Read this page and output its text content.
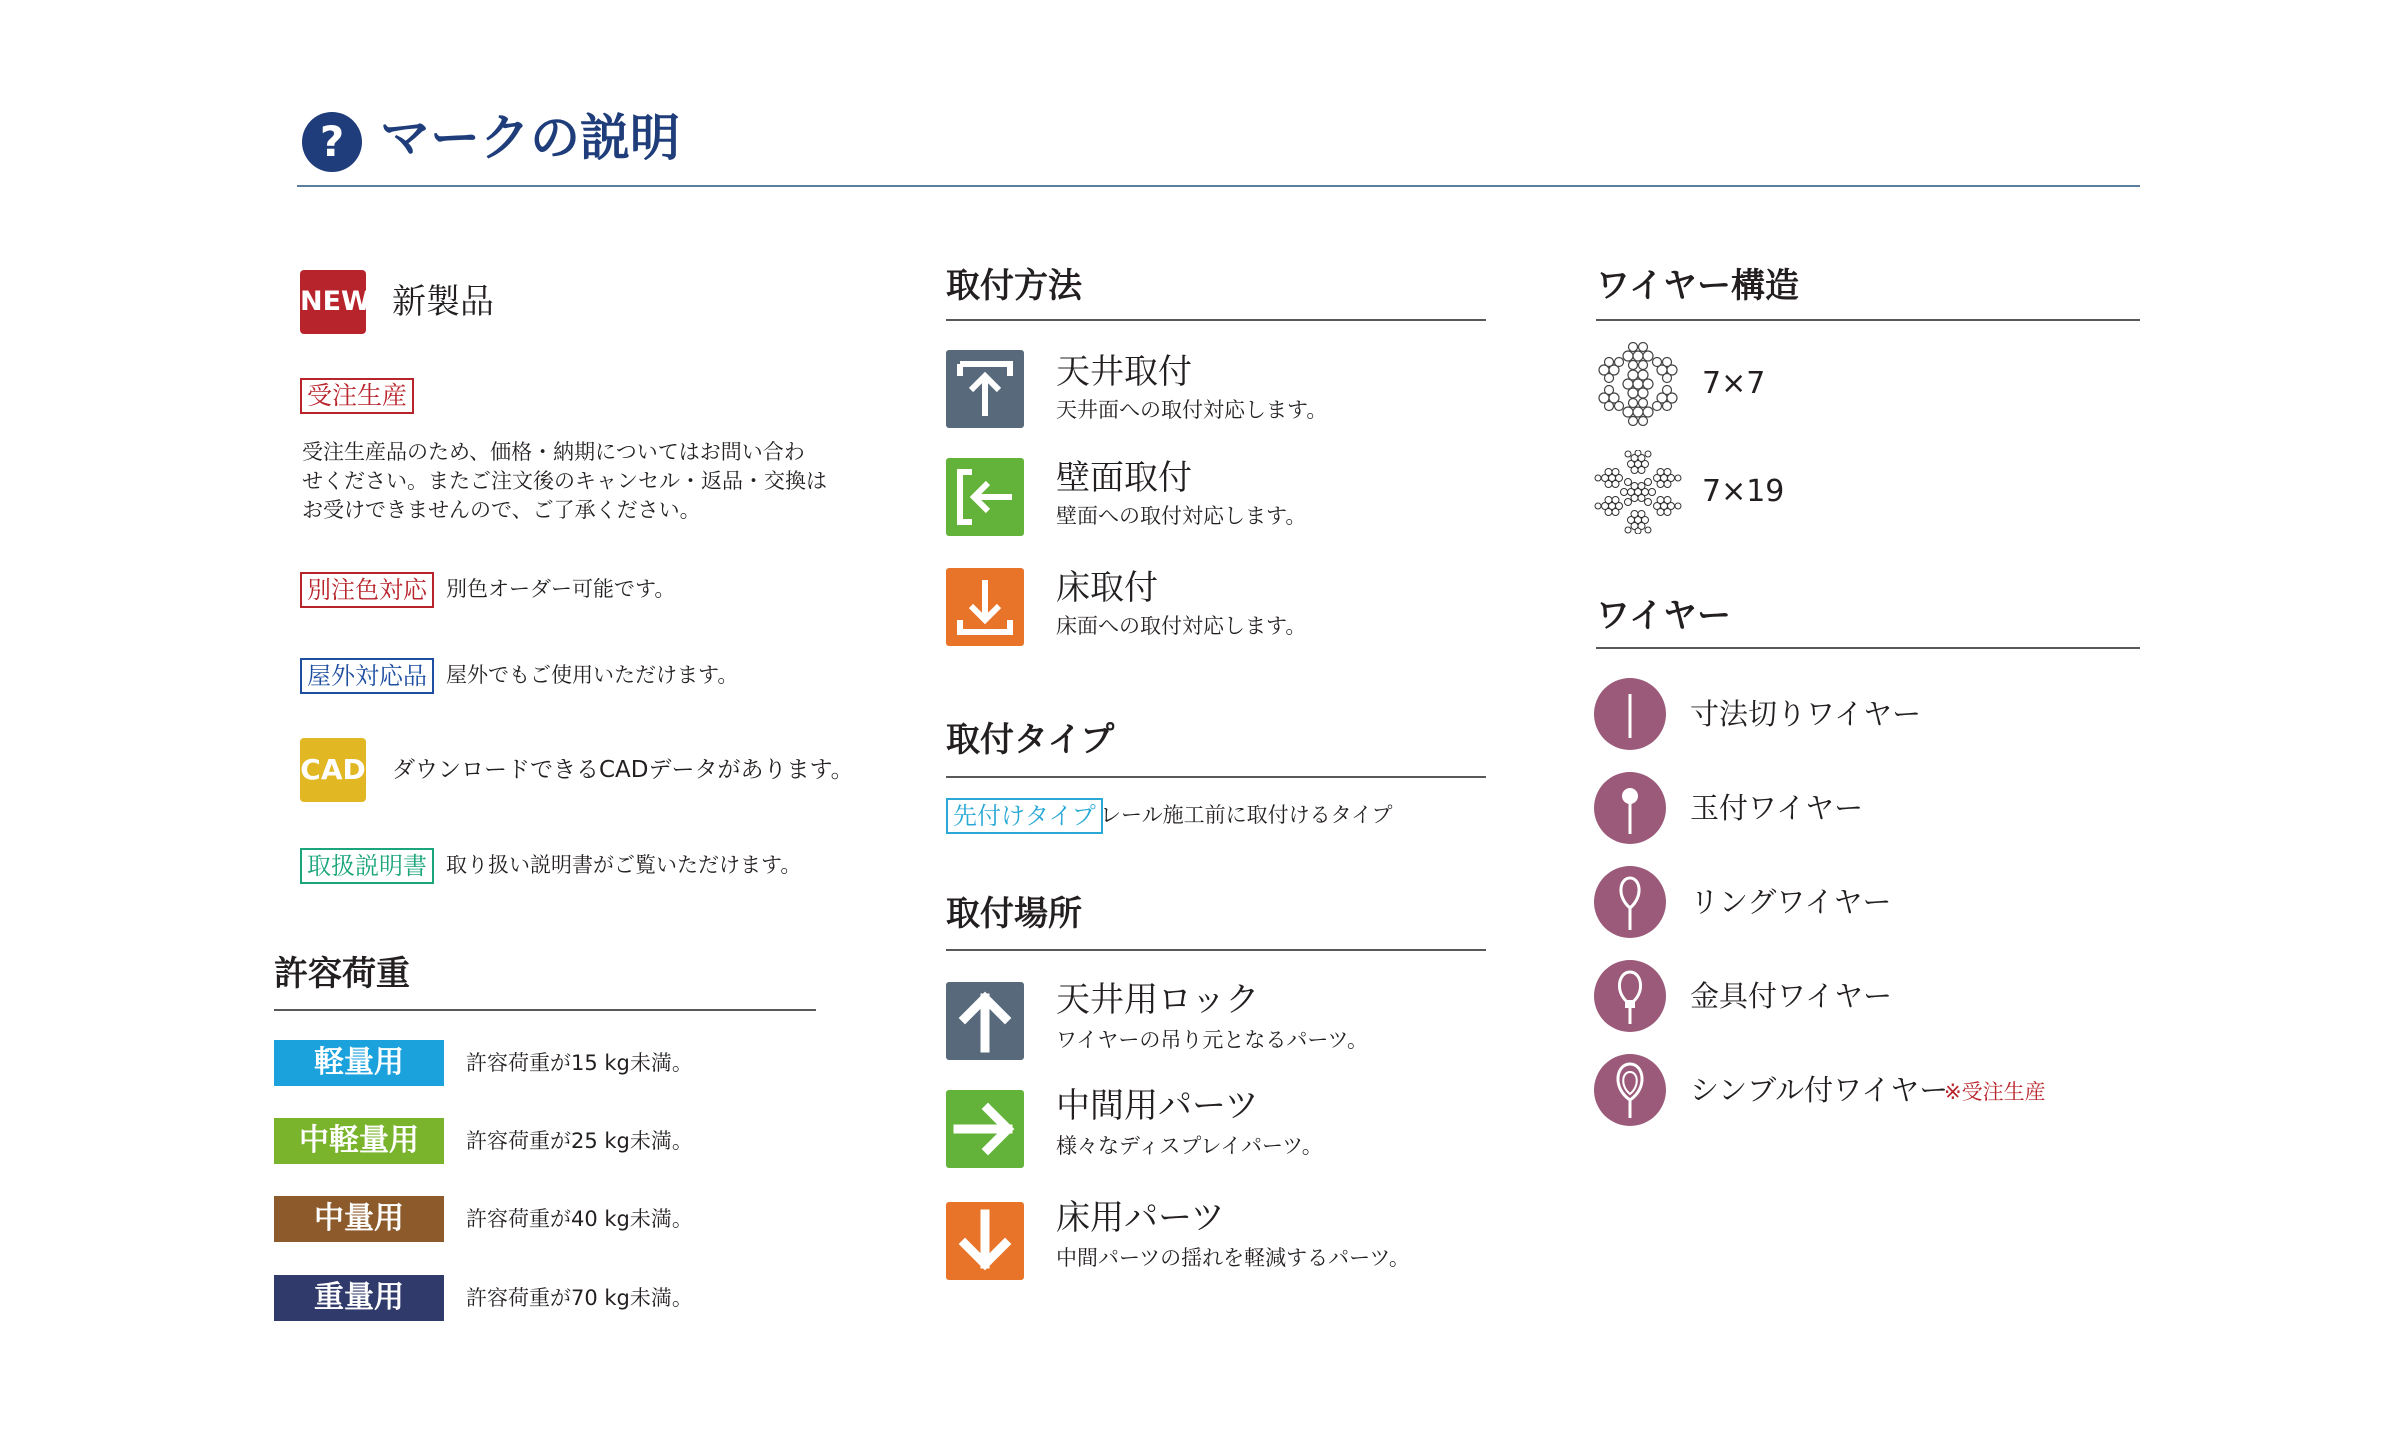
? マークの説明
NEW 新製品
受注生産
受注生産品のため、価格・納期についてはお問い合わ
せください。またご注文後のキャンセル・返品・交換は
お受けできませんので、ご了承ください。
別注色対応 別色オーダー可能です。
屋外対応品 屋外でもご使用いただけます。
CAD ダウンロードできるCADデータがあります。
取扱説明書 取り扱い説明書がご覧いただけます。
許容荷重
軽量用	許容荷重が15 kg未満。
中軽量用	許容荷重が25 kg未満。
中量用	許容荷重が40 kg未満。
重量用	許容荷重が70 kg未満。
取付方法
天井取付
天井面への取付対応します。
壁面取付
壁面への取付対応します。
床取付
床面への取付対応します。
取付タイプ
先付けタイプ レール施工前に取付けるタイプ
取付場所
天井用ロック
ワイヤーの吊り元となるパーツ。
中間用パーツ
様々なディスプレイパーツ。
床用パーツ
中間パーツの揺れを軽減するパーツ。
ワイヤー構造
7×7
7×19
ワイヤー
寸法切りワイヤー
玉付ワイヤー
リングワイヤー
金具付ワイヤー
シンブル付ワイヤー
※受注生産
